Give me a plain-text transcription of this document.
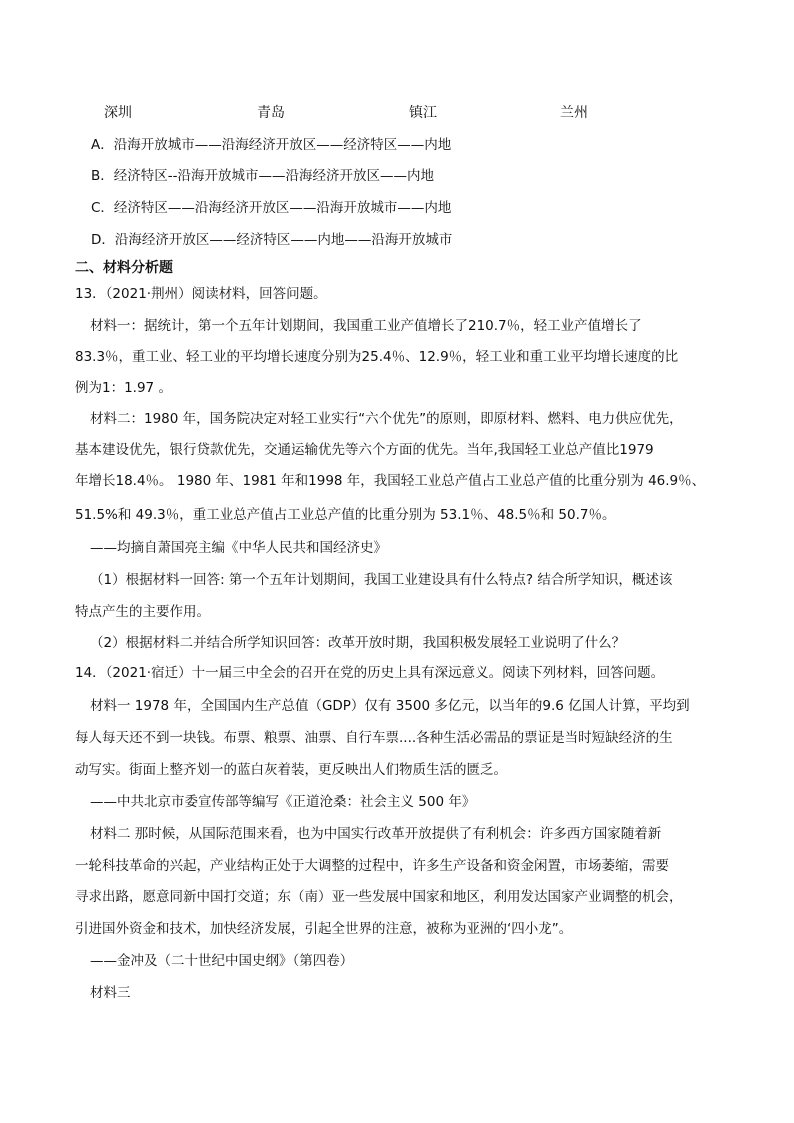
深圳	青岛	镇江	兰州
A．沿海开放城市——沿海经济开放区——经济特区——内地
B．经济特区--沿海开放城市——沿海经济开放区——内地
C．经济特区——沿海经济开放区——沿海开放城市——内地
D．沿海经济开放区——经济特区——内地——沿海开放城市
二、材料分析题
13．（2021·荆州）阅读材料，回答问题。
材料一：据统计，第一个五年计划期间，我国重工业产值增长了210.7％，轻工业产值增长了
83.3％，重工业、轻工业的平均增长速度分别为25.4％、12.9％，轻工业和重工业平均增长速度的比
例为1：1.97 。
材料二：1980 年，国务院决定对轻工业实行“六个优先”的原则，即原材料、燃料、电力供应优先，
基本建设优先，银行贷款优先，交通运输优先等六个方面的优先。当年,我国轻工业总产值比1979
年增长18.4％。 1980 年、1981 年和1998 年，我国轻工业总产值占工业总产值的比重分别为 46.9％、
51.5%和 49.3％，重工业总产值占工业总产值的比重分别为 53.1％、48.5％和 50.7％。
——均摘自萧国亮主编《中华人民共和国经济史》
（1）根据材料一回答: 第一个五年计划期间，我国工业建设具有什么特点? 结合所学知识，概述该
特点产生的主要作用。
（2）根据材料二并结合所学知识回答：改革开放时期，我国积极发展轻工业说明了什么？
14．（2021·宿迁）十一届三中全会的召开在党的历史上具有深远意义。阅读下列材料，回答问题。
材料一 1978 年，全国国内生产总值（GDP）仅有 3500 多亿元，以当年的9.6 亿国人计算，平均到
每人每天还不到一块钱。布票、粮票、油票、自行车票....各种生活必需品的票证是当时短缺经济的生
动写实。街面上整齐划一的蓝白灰着装，更反映出人们物质生活的匮乏。
——中共北京市委宣传部等编写《正道沧桑：社会主义 500 年》
材料二 那时候，从国际范围来看，也为中国实行改革开放提供了有利机会：许多西方国家随着新
一轮科技革命的兴起，产业结构正处于大调整的过程中，许多生产设备和资金闲置，市场萎缩，需要
寻求出路，愿意同新中国打交道；东（南）亚一些发展中国家和地区，利用发达国家产业调整的机会，
引进国外资金和技术，加快经济发展，引起全世界的注意，被称为亚洲的‘四小龙”。
——金冲及（二十世纪中国史纲》（第四卷）
材料三
